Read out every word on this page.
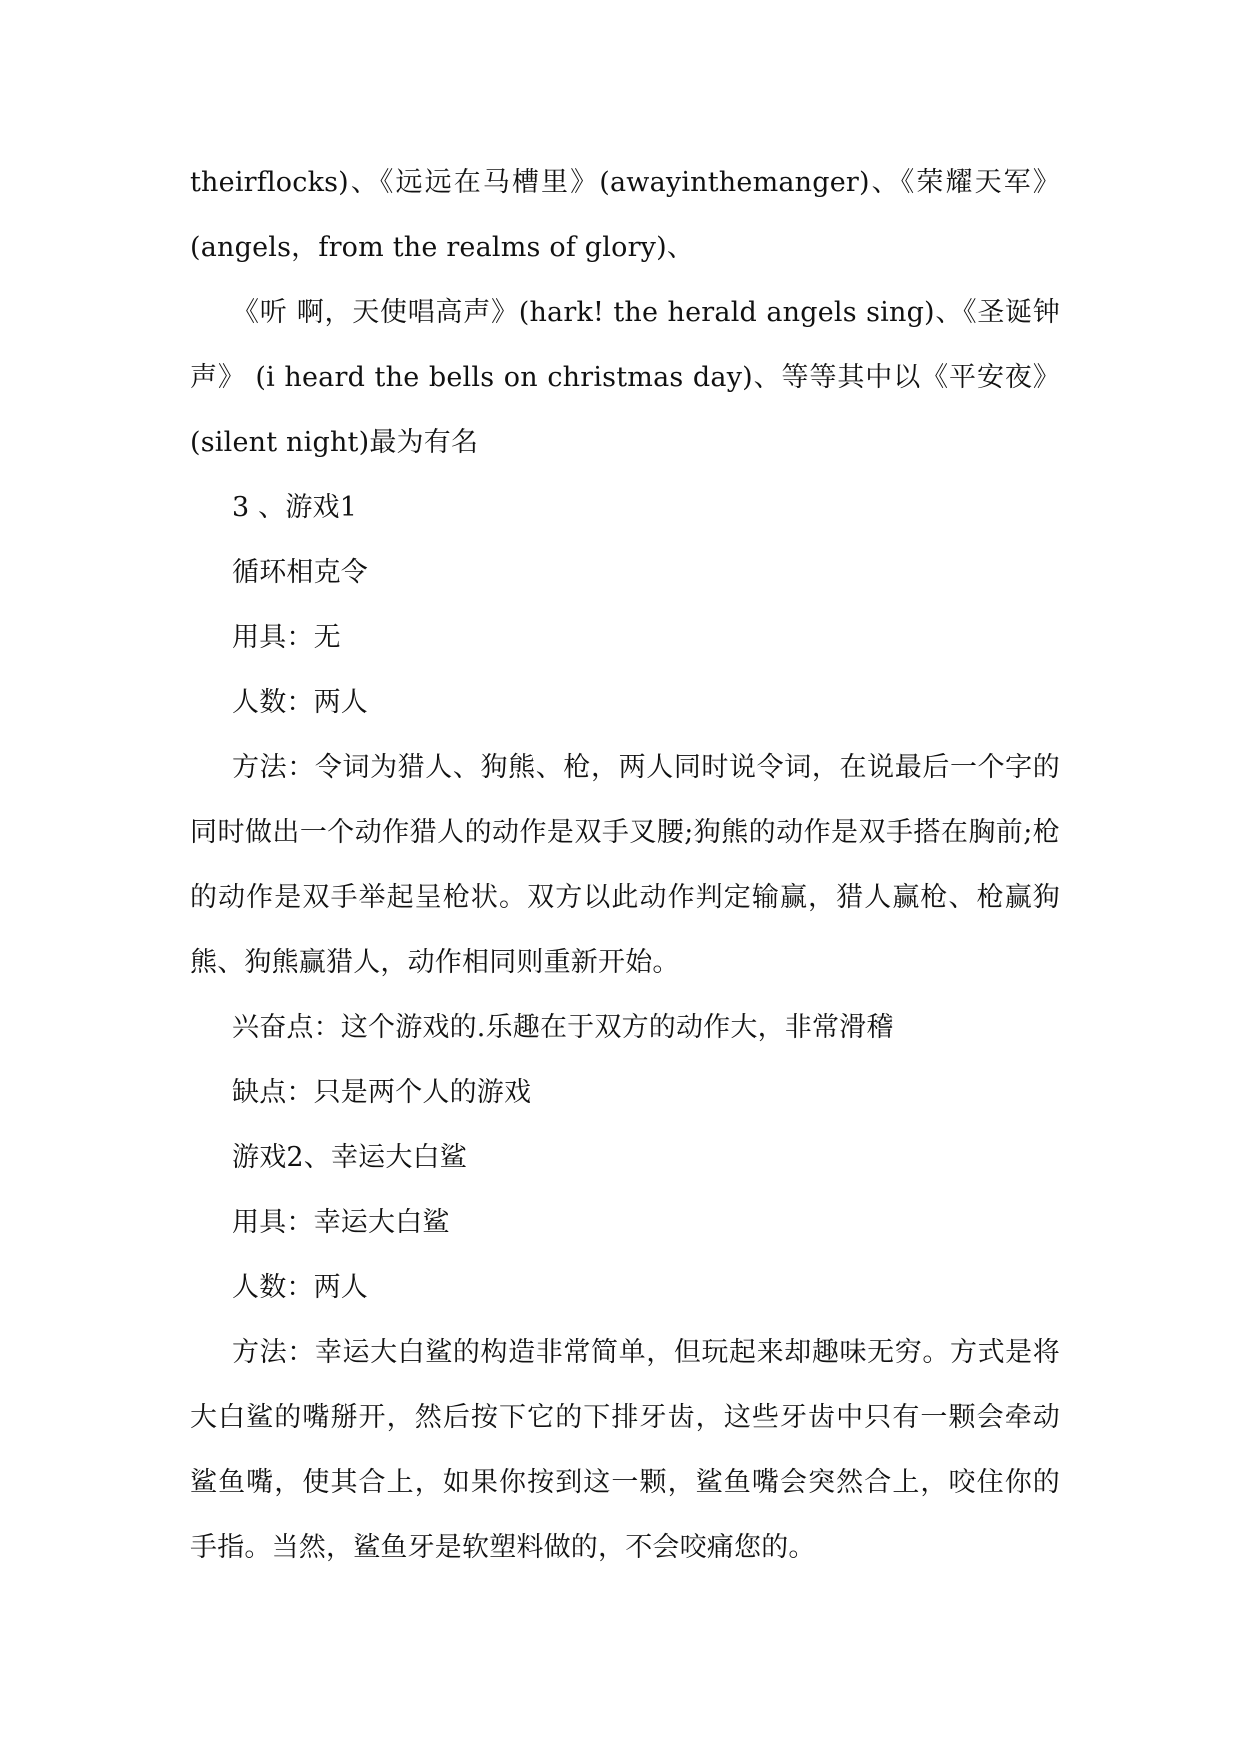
theirflocks)、《远远在马槽里》(awayinthemanger)、《荣耀天军》(angels，from the realms of glory)、

《听 啊，天使唱高声》(hark! the herald angels sing)、《圣诞钟声》 (i heard the bells on christmas day)、等等其中以《平安夜》(silent night)最为有名

3 、游戏1

循环相克令

用具：无

人数：两人

方法：令词为猎人、狗熊、枪，两人同时说令词，在说最后一个字的同时做出一个动作猎人的动作是双手叉腰;狗熊的动作是双手搭在胸前;枪的动作是双手举起呈枪状。双方以此动作判定输赢，猎人赢枪、枪赢狗熊、狗熊赢猎人，动作相同则重新开始。

兴奋点：这个游戏的.乐趣在于双方的动作大，非常滑稽

缺点：只是两个人的游戏

游戏2、幸运大白鲨

用具：幸运大白鲨

人数：两人

方法：幸运大白鲨的构造非常简单，但玩起来却趣味无穷。方式是将大白鲨的嘴掰开，然后按下它的下排牙齿，这些牙齿中只有一颗会牵动鲨鱼嘴，使其合上，如果你按到这一颗，鲨鱼嘴会突然合上，咬住你的手指。当然，鲨鱼牙是软塑料做的，不会咬痛您的。
